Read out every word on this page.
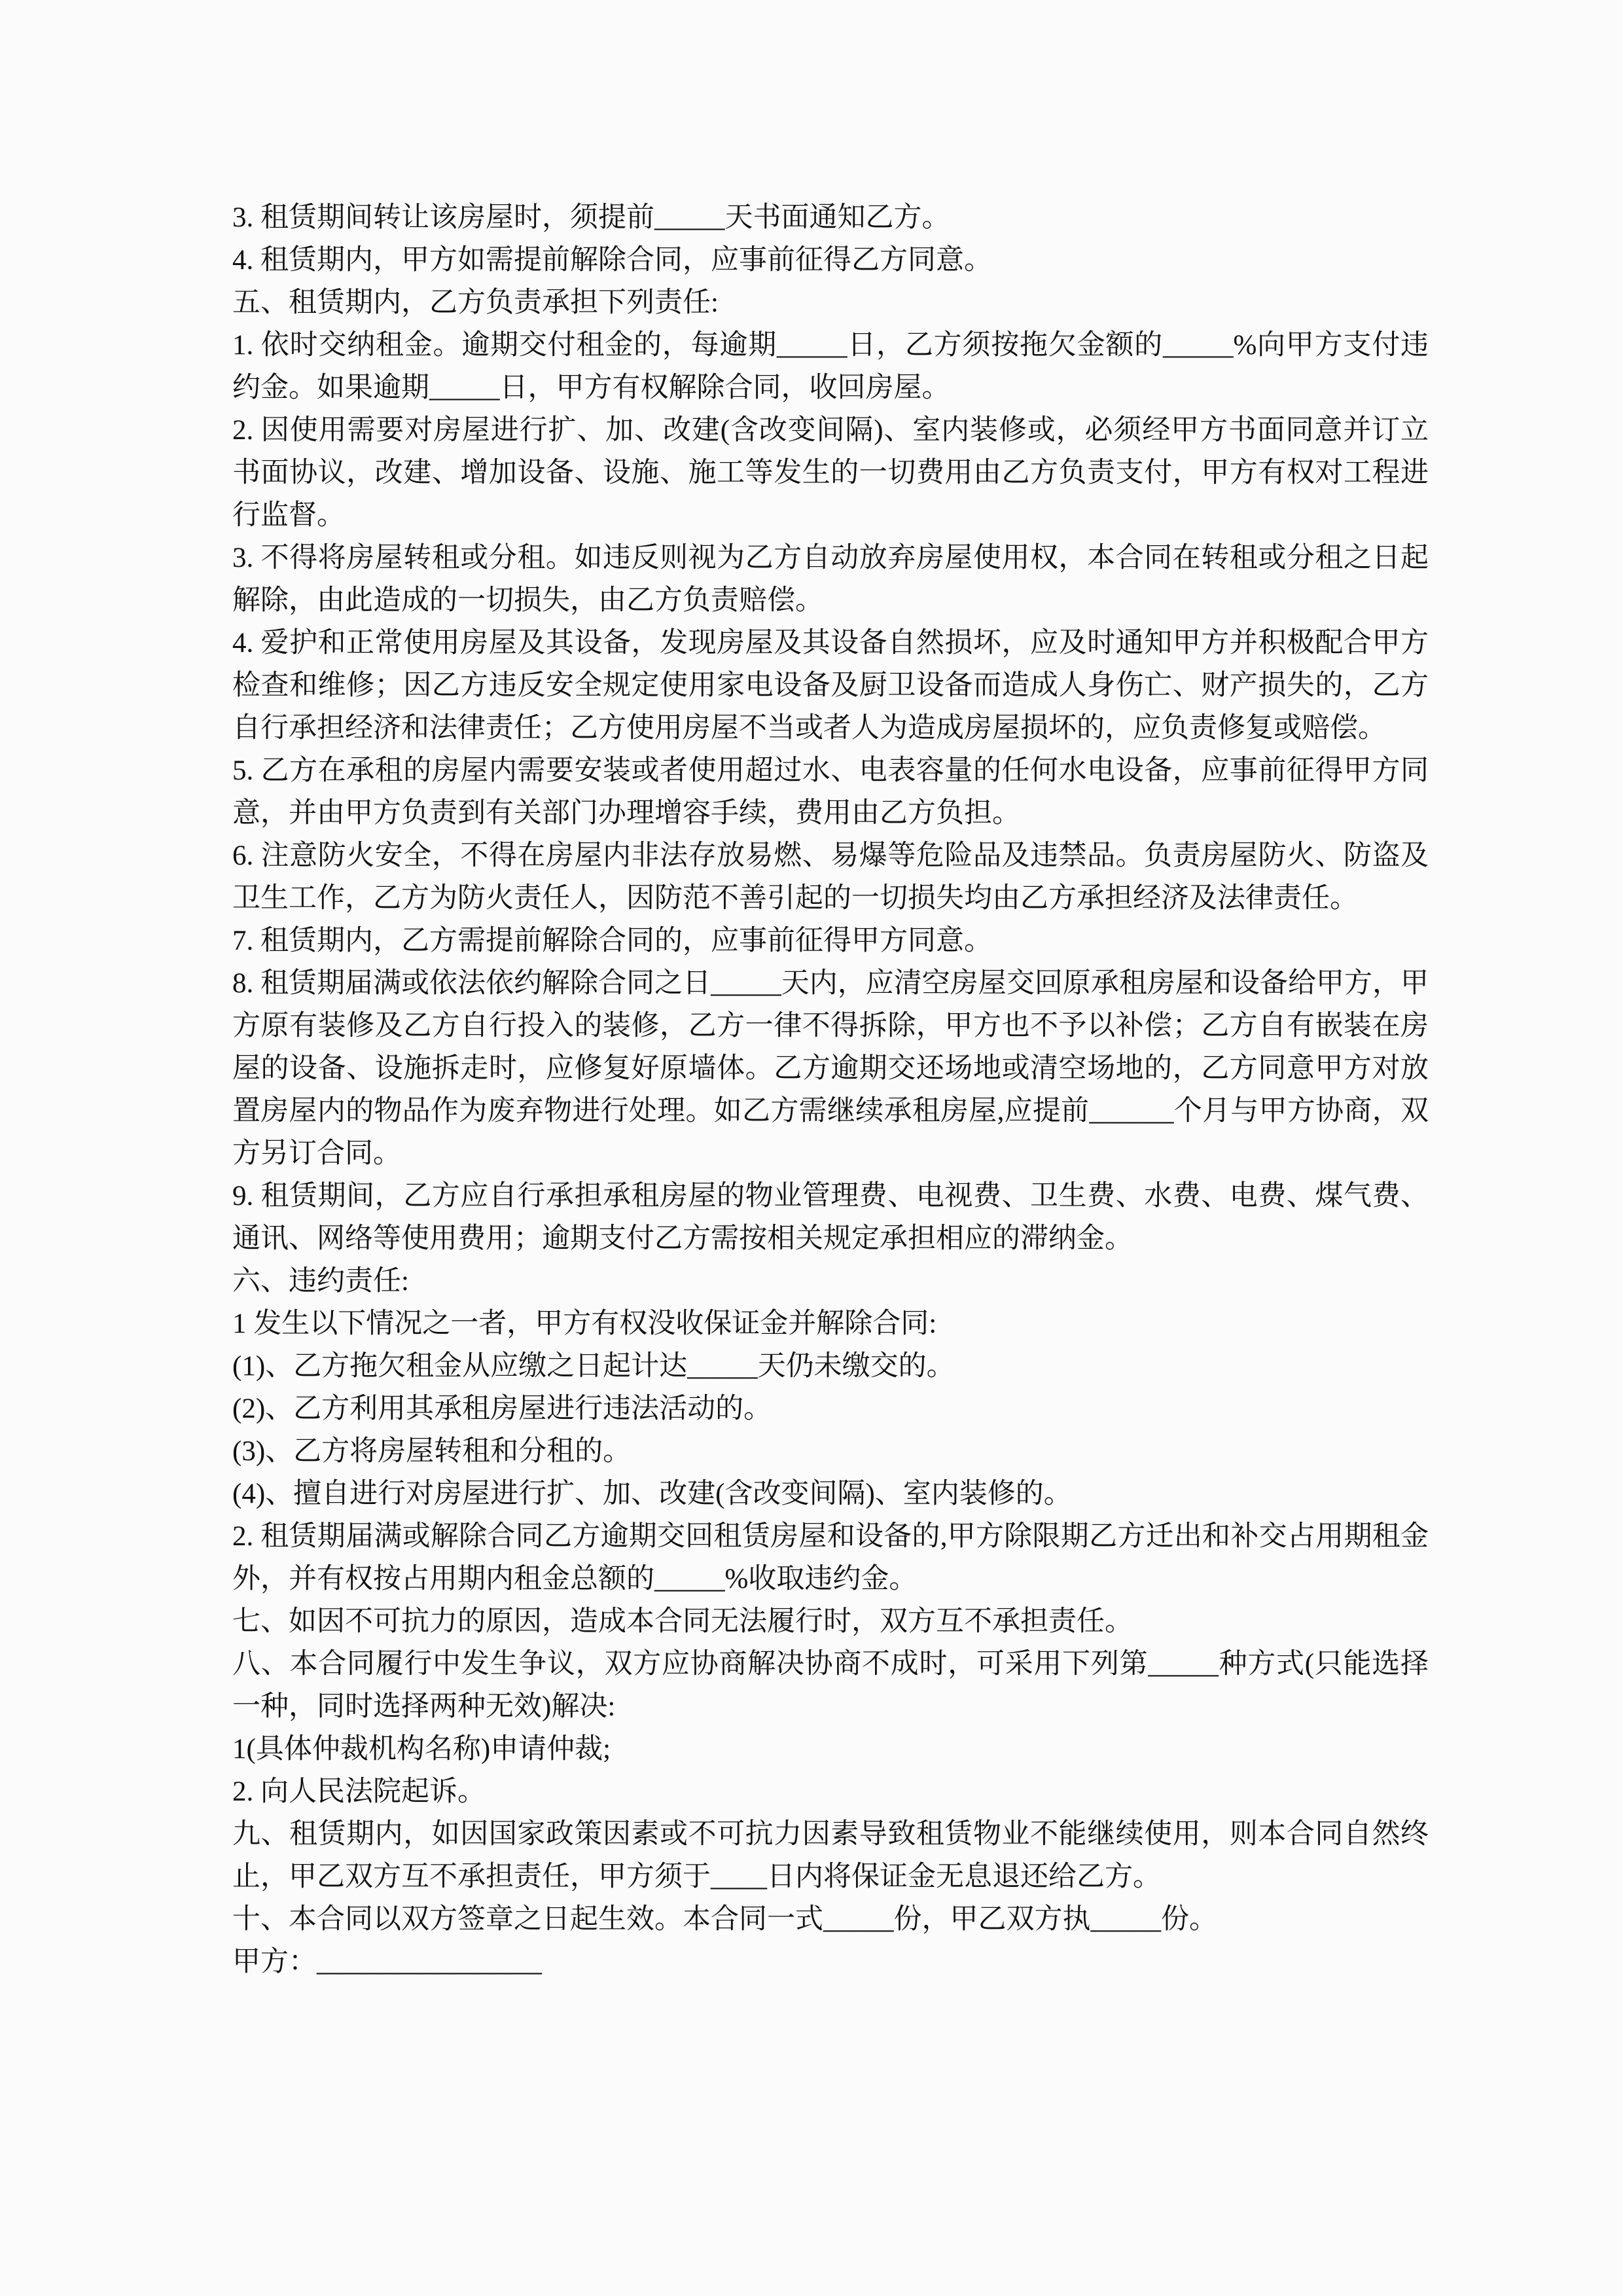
3. 租赁期间转让该房屋时，须提前_____天书面通知乙方。

4. 租赁期内，甲方如需提前解除合同，应事前征得乙方同意。

五、租赁期内，乙方负责承担下列责任:

1. 依时交纳租金。逾期交付租金的，每逾期_____日，乙方须按拖欠金额的_____%向甲方支付违约金。如果逾期_____日，甲方有权解除合同，收回房屋。

2. 因使用需要对房屋进行扩、加、改建(含改变间隔)、室内装修或，必须经甲方书面同意并订立书面协议，改建、增加设备、设施、施工等发生的一切费用由乙方负责支付，甲方有权对工程进行监督。

3. 不得将房屋转租或分租。如违反则视为乙方自动放弃房屋使用权，本合同在转租或分租之日起解除，由此造成的一切损失，由乙方负责赔偿。

4. 爱护和正常使用房屋及其设备，发现房屋及其设备自然损坏，应及时通知甲方并积极配合甲方检查和维修；因乙方违反安全规定使用家电设备及厨卫设备而造成人身伤亡、财产损失的，乙方自行承担经济和法律责任；乙方使用房屋不当或者人为造成房屋损坏的，应负责修复或赔偿。

5. 乙方在承租的房屋内需要安装或者使用超过水、电表容量的任何水电设备，应事前征得甲方同意，并由甲方负责到有关部门办理增容手续，费用由乙方负担。

6. 注意防火安全，不得在房屋内非法存放易燃、易爆等危险品及违禁品。负责房屋防火、防盗及卫生工作，乙方为防火责任人，因防范不善引起的一切损失均由乙方承担经济及法律责任。

7. 租赁期内，乙方需提前解除合同的，应事前征得甲方同意。

8. 租赁期届满或依法依约解除合同之日_____天内，应清空房屋交回原承租房屋和设备给甲方，甲方原有装修及乙方自行投入的装修，乙方一律不得拆除，甲方也不予以补偿；乙方自有嵌装在房屋的设备、设施拆走时，应修复好原墙体。乙方逾期交还场地或清空场地的，乙方同意甲方对放置房屋内的物品作为废弃物进行处理。如乙方需继续承租房屋,应提前______个月与甲方协商，双方另订合同。

9. 租赁期间，乙方应自行承担承租房屋的物业管理费、电视费、卫生费、水费、电费、煤气费、通讯、网络等使用费用；逾期支付乙方需按相关规定承担相应的滞纳金。

六、违约责任:

1 发生以下情况之一者，甲方有权没收保证金并解除合同:

(1)、乙方拖欠租金从应缴之日起计达_____天仍未缴交的。

(2)、乙方利用其承租房屋进行违法活动的。

(3)、乙方将房屋转租和分租的。

(4)、擅自进行对房屋进行扩、加、改建(含改变间隔)、室内装修的。

2. 租赁期届满或解除合同乙方逾期交回租赁房屋和设备的,甲方除限期乙方迁出和补交占用期租金外，并有权按占用期内租金总额的_____%收取违约金。

七、如因不可抗力的原因，造成本合同无法履行时，双方互不承担责任。

八、本合同履行中发生争议，双方应协商解决协商不成时，可采用下列第_____种方式(只能选择一种，同时选择两种无效)解决:

1(具体仲裁机构名称)申请仲裁;

2. 向人民法院起诉。

九、租赁期内，如因国家政策因素或不可抗力因素导致租赁物业不能继续使用，则本合同自然终止，甲乙双方互不承担责任，甲方须于____日内将保证金无息退还给乙方。

十、本合同以双方签章之日起生效。本合同一式_____份，甲乙双方执_____份。

甲方：________________
